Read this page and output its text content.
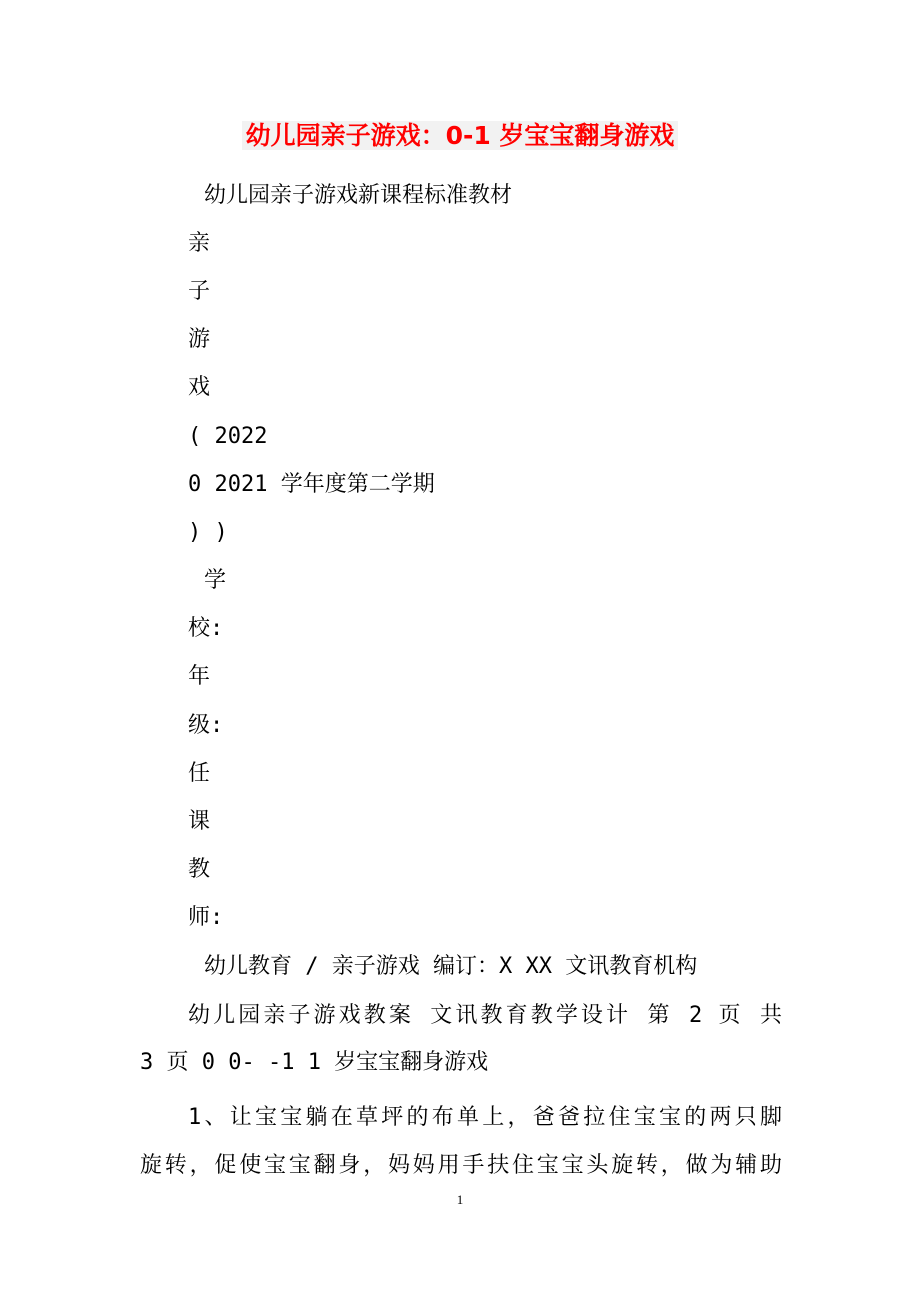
幼儿园亲子游戏：0-1 岁宝宝翻身游戏
幼儿园亲子游戏新课程标准教材
亲
子
游
戏
( 2022
0 2021 学年度第二学期
) )
学
校:
年
级:
任
课
教
师:
幼儿教育 / 亲子游戏 编订：X XX 文讯教育机构
幼儿园亲子游戏教案 文讯教育教学设计 第 2 页 共
3 页 0 0- -1 1 岁宝宝翻身游戏
1、让宝宝躺在草坪的布单上，爸爸拉住宝宝的两只脚
旋转，促使宝宝翻身，妈妈用手扶住宝宝头旋转，做为辅助
1
